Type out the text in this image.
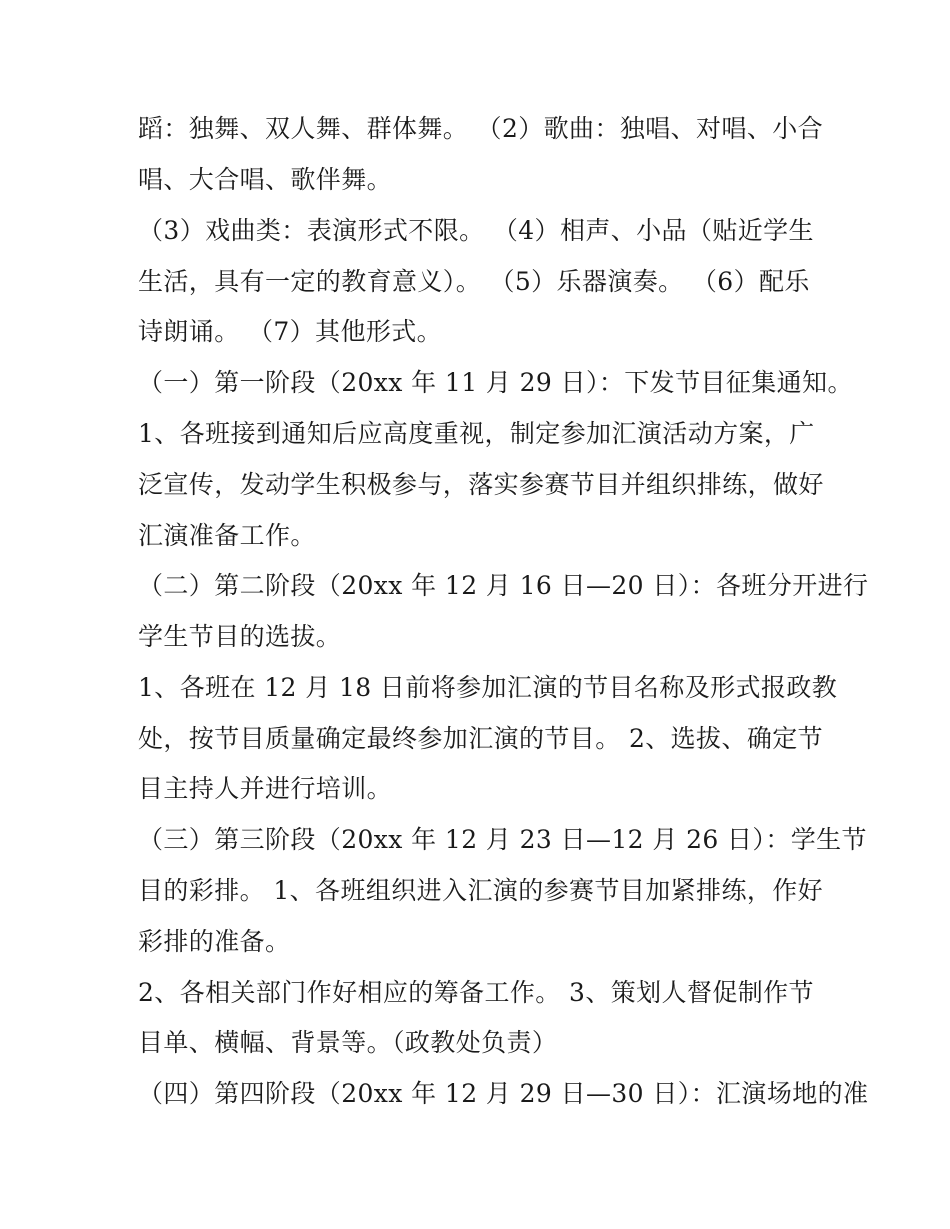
蹈：独舞、双人舞、群体舞。 （2）歌曲：独唱、对唱、小合
唱、大合唱、歌伴舞。
（3）戏曲类：表演形式不限。 （4）相声、小品（贴近学生
生活，具有一定的教育意义）。 （5）乐器演奏。 （6）配乐
诗朗诵。 （7）其他形式。
（一）第一阶段（20xx 年 11 月 29 日）：下发节目征集通知。
1、各班接到通知后应高度重视，制定参加汇演活动方案，广
泛宣传，发动学生积极参与，落实参赛节目并组织排练，做好
汇演准备工作。
（二）第二阶段（20xx 年 12 月 16 日—20 日）：各班分开进行
学生节目的选拔。
1、各班在 12 月 18 日前将参加汇演的节目名称及形式报政教
处，按节目质量确定最终参加汇演的节目。 2、选拔、确定节
目主持人并进行培训。
（三）第三阶段（20xx 年 12 月 23 日—12 月 26 日）：学生节
目的彩排。 1、各班组织进入汇演的参赛节目加紧排练，作好
彩排的准备。
2、各相关部门作好相应的筹备工作。 3、策划人督促制作节
目单、横幅、背景等。（政教处负责）
（四）第四阶段（20xx 年 12 月 29 日—30 日）：汇演场地的准
